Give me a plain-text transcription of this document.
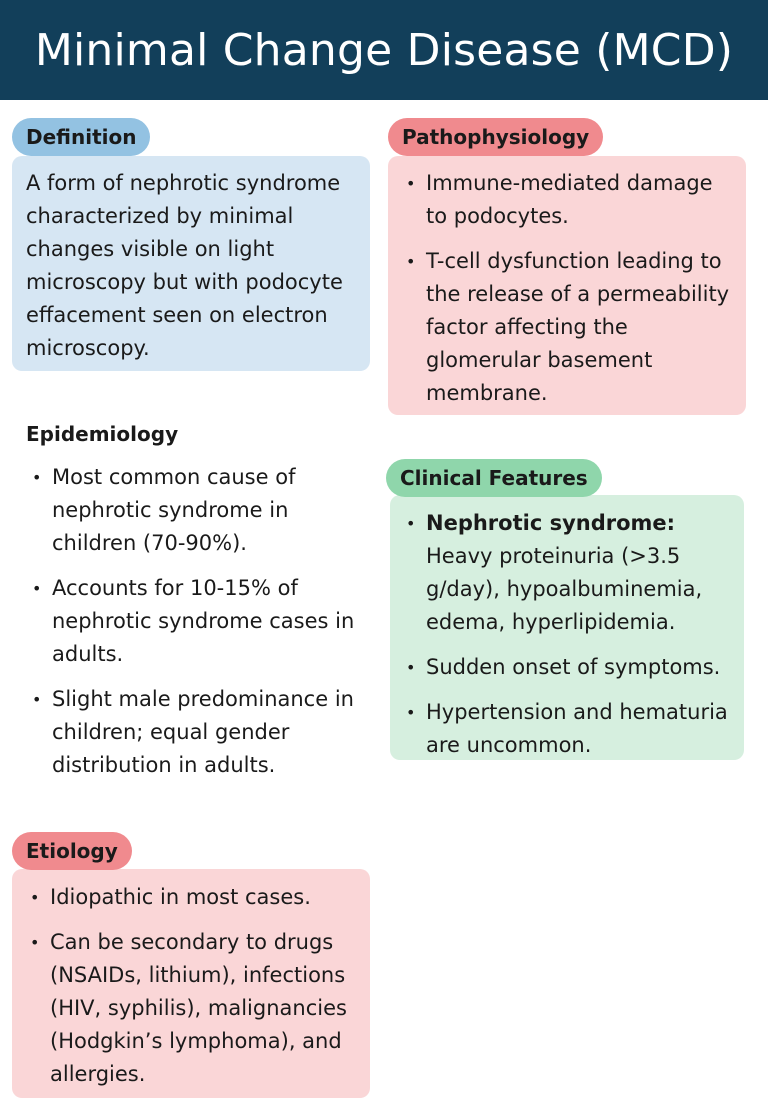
Minimal Change Disease (MCD)
Definition

A form of nephrotic syndrome characterized by minimal changes visible on light microscopy but with podocyte effacement seen on electron microscopy.

Pathophysiology
• Immune-mediated damage to podocytes.
• T-cell dysfunction leading to the release of a permeability factor affecting the glomerular basement membrane.
Epidemiology
• Most common cause of nephrotic syndrome in children (70-90%).
• Accounts for 10-15% of nephrotic syndrome cases in adults.
• Slight male predominance in children; equal gender distribution in adults.
Clinical Features
• Nephrotic syndrome: Heavy proteinuria (>3.5 g/day), hypoalbuminemia, edema, hyperlipidemia.
• Sudden onset of symptoms.
• Hypertension and hematuria are uncommon.
Etiology
• Idiopathic in most cases.
• Can be secondary to drugs (NSAIDs, lithium), infections (HIV, syphilis), malignancies (Hodgkin’s lymphoma), and allergies.
